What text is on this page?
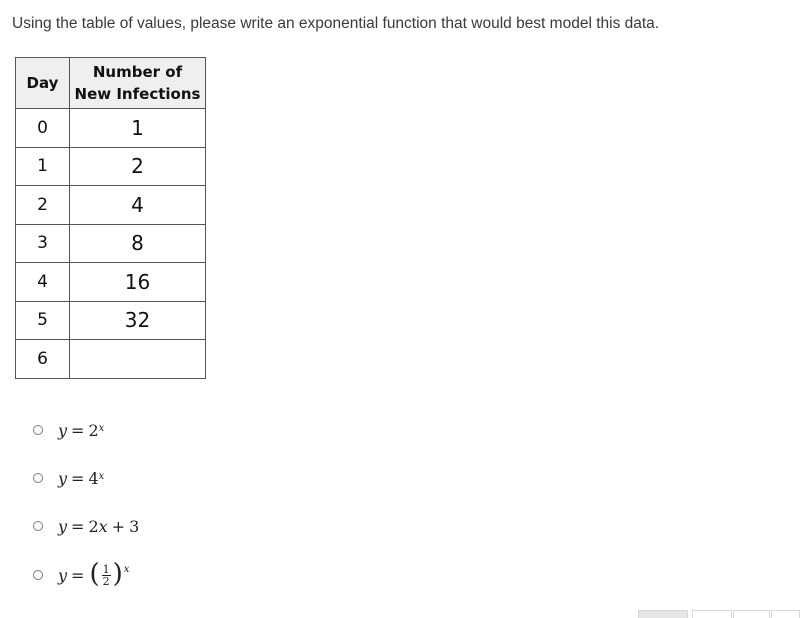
Using the table of values, please write an exponential function that would best model this data.
Day	Number of
New Infections

0	1
1	2
2	4
3	8
4	16
5	32
6	
$y = 2^x$
$y = 4^x$
y = 2 x + 3
y = ( $\frac{1}{2}$ ) x
